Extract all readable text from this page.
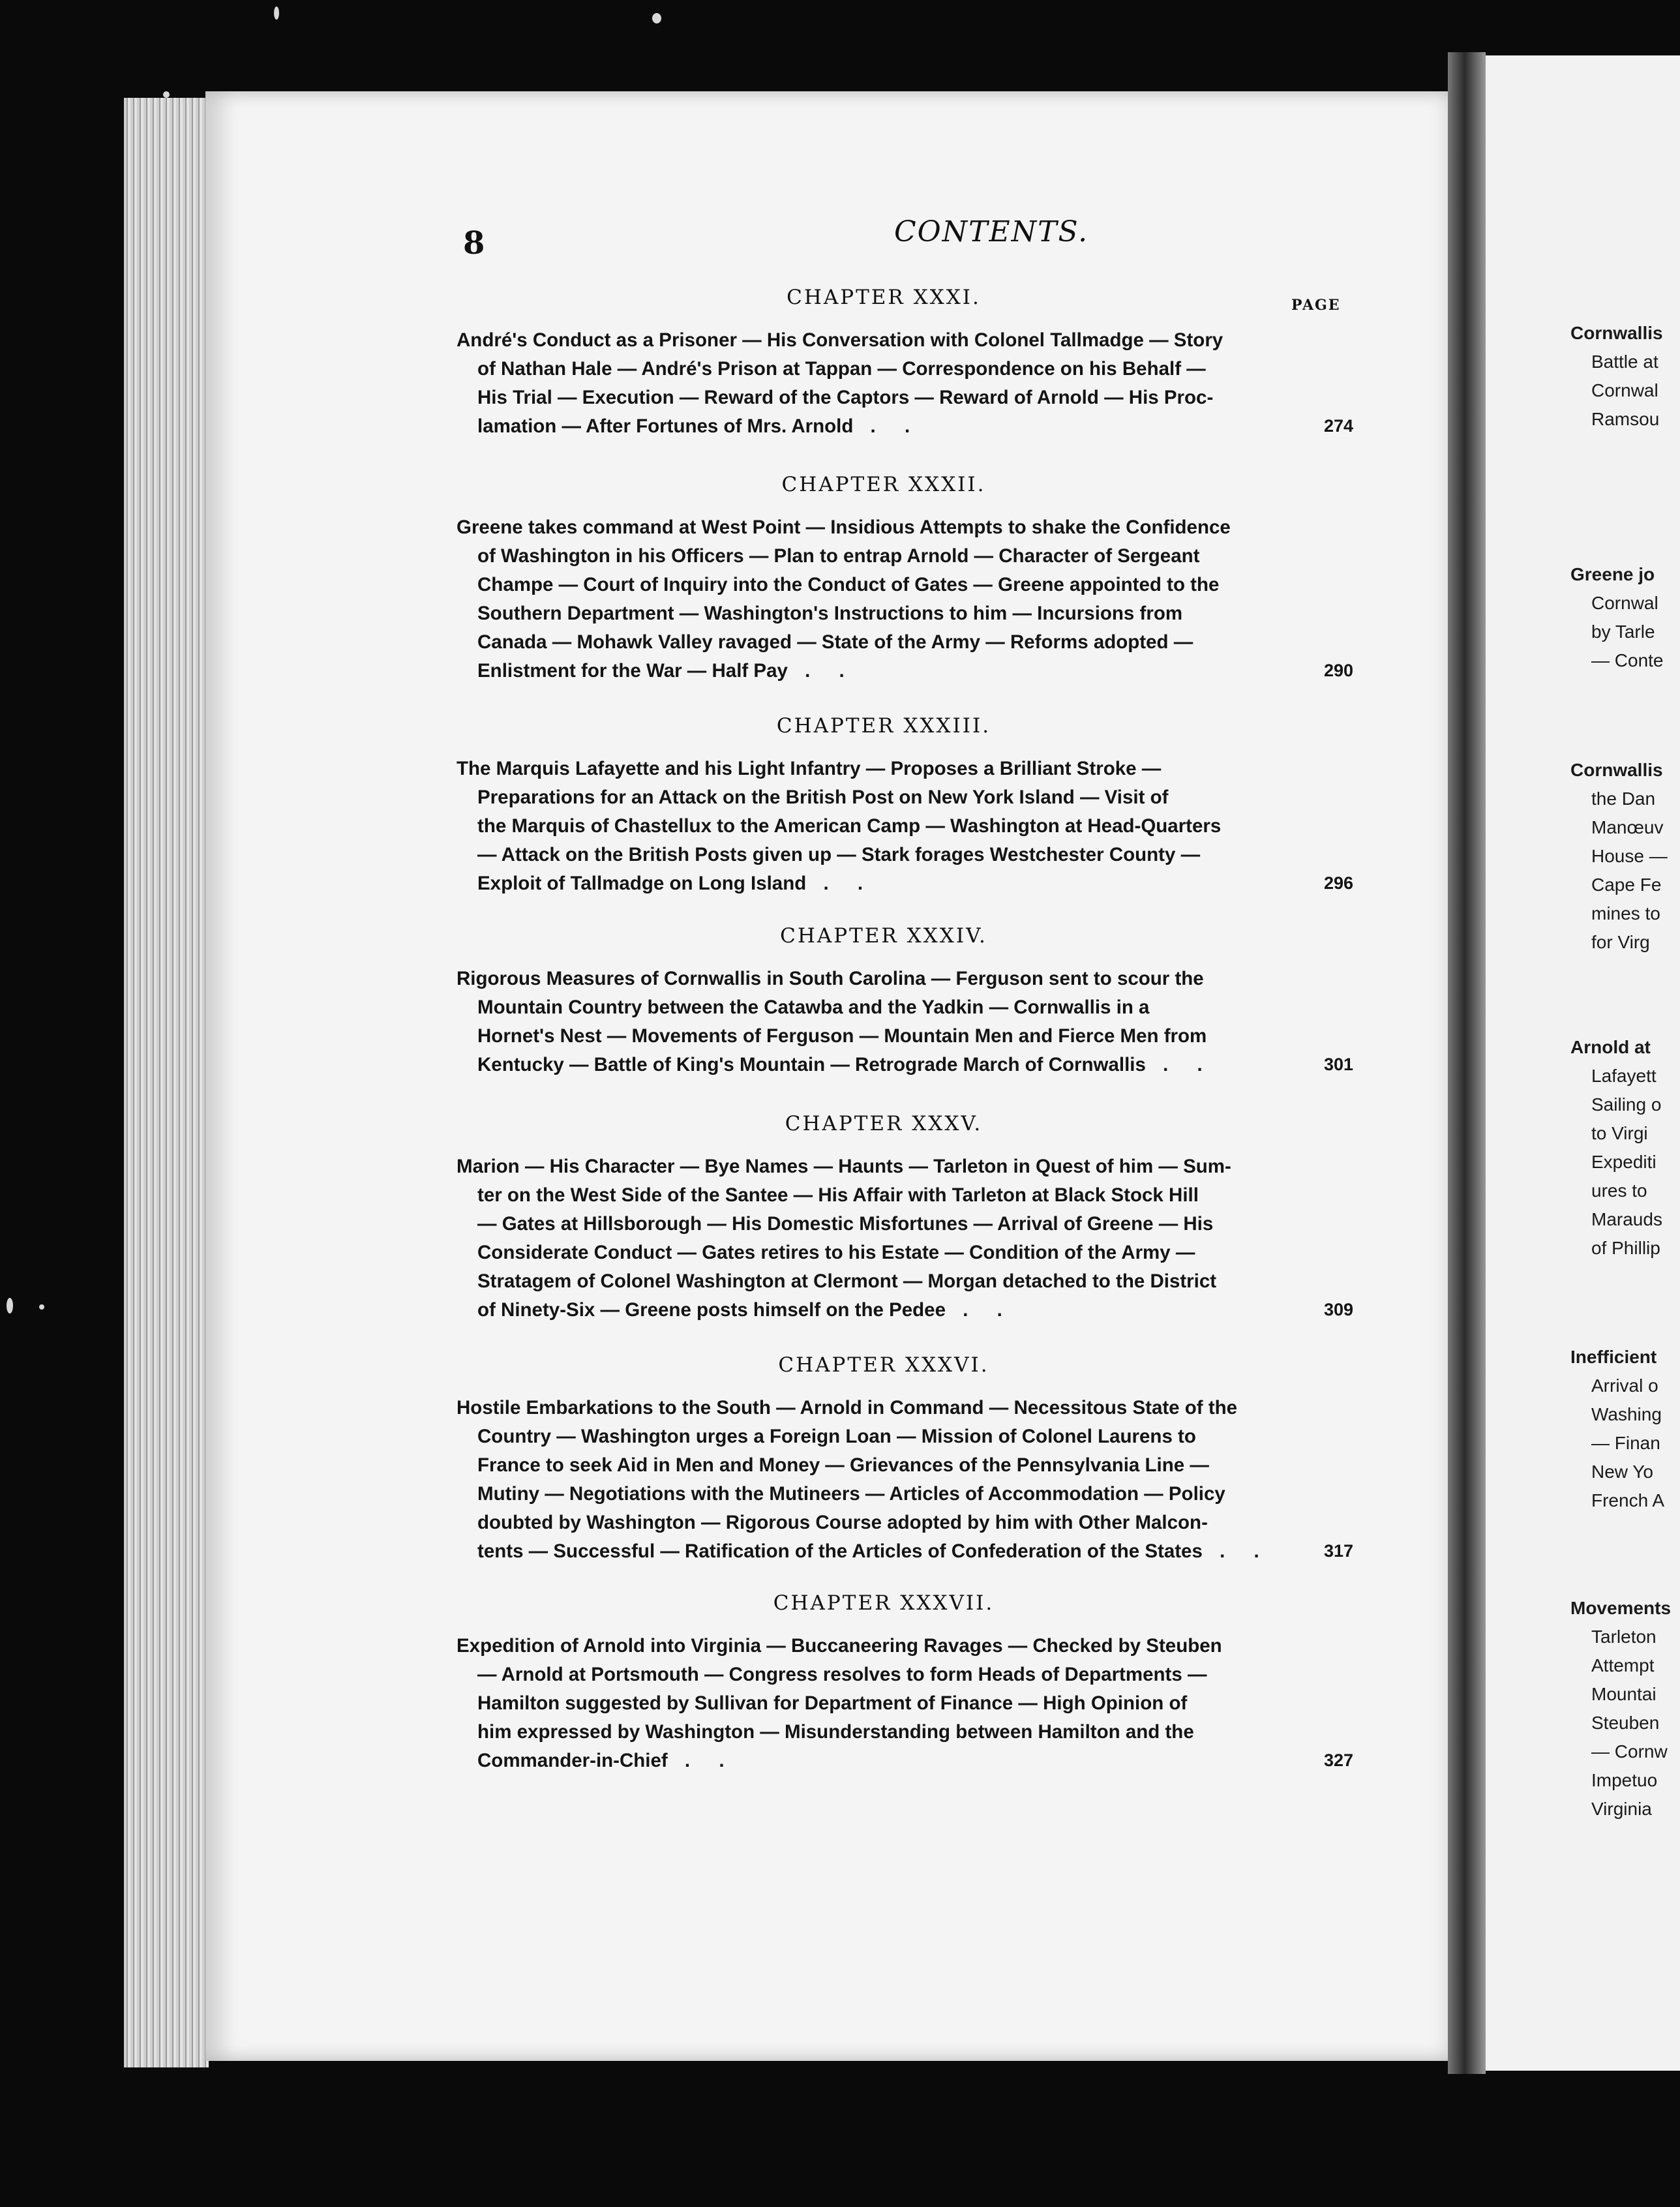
Cornwallis
Battle at
Cornwal
Ramsou
Greene jo
Cornwal
by Tarle
— Conte
Cornwallis
the Dan
Manœuv
House —
Cape Fe
mines to
for Virg
Arnold at
Lafayett
Sailing o
to Virgi
Expediti
ures to
Marauds
of Phillip
Inefficient
Arrival o
Washing
— Finan
New Yo
French A
Movements
Tarleton
Attempt
Mountai
Steuben
— Cornw
Impetuo
Virginia
8	CONTENTS.
PAGE
CHAPTER XXXI.
André's Conduct as a Prisoner — His Conversation with Colonel Tallmadge — Story
of Nathan Hale — André's Prison at Tappan — Correspondence on his Behalf —
His Trial — Execution — Reward of the Captors — Reward of Arnold — His Proc-
lamation — After Fortunes of Mrs. Arnold . .	274
CHAPTER XXXII.
Greene takes command at West Point — Insidious Attempts to shake the Confidence
of Washington in his Officers — Plan to entrap Arnold — Character of Sergeant
Champe — Court of Inquiry into the Conduct of Gates — Greene appointed to the
Southern Department — Washington's Instructions to him — Incursions from
Canada — Mohawk Valley ravaged — State of the Army — Reforms adopted —
Enlistment for the War — Half Pay . .	290
CHAPTER XXXIII.
The Marquis Lafayette and his Light Infantry — Proposes a Brilliant Stroke —
Preparations for an Attack on the British Post on New York Island — Visit of
the Marquis of Chastellux to the American Camp — Washington at Head-Quarters
— Attack on the British Posts given up — Stark forages Westchester County —
Exploit of Tallmadge on Long Island . .	296
CHAPTER XXXIV.
Rigorous Measures of Cornwallis in South Carolina — Ferguson sent to scour the
Mountain Country between the Catawba and the Yadkin — Cornwallis in a
Hornet's Nest — Movements of Ferguson — Mountain Men and Fierce Men from
Kentucky — Battle of King's Mountain — Retrograde March of Cornwallis . .	301
CHAPTER XXXV.
Marion — His Character — Bye Names — Haunts — Tarleton in Quest of him — Sum-
ter on the West Side of the Santee — His Affair with Tarleton at Black Stock Hill
— Gates at Hillsborough — His Domestic Misfortunes — Arrival of Greene — His
Considerate Conduct — Gates retires to his Estate — Condition of the Army —
Stratagem of Colonel Washington at Clermont — Morgan detached to the District
of Ninety-Six — Greene posts himself on the Pedee . .	309
CHAPTER XXXVI.
Hostile Embarkations to the South — Arnold in Command — Necessitous State of the
Country — Washington urges a Foreign Loan — Mission of Colonel Laurens to
France to seek Aid in Men and Money — Grievances of the Pennsylvania Line —
Mutiny — Negotiations with the Mutineers — Articles of Accommodation — Policy
doubted by Washington — Rigorous Course adopted by him with Other Malcon-
tents — Successful — Ratification of the Articles of Confederation of the States . .	317
CHAPTER XXXVII.
Expedition of Arnold into Virginia — Buccaneering Ravages — Checked by Steuben
— Arnold at Portsmouth — Congress resolves to form Heads of Departments —
Hamilton suggested by Sullivan for Department of Finance — High Opinion of
him expressed by Washington — Misunderstanding between Hamilton and the
Commander-in-Chief . .	327
